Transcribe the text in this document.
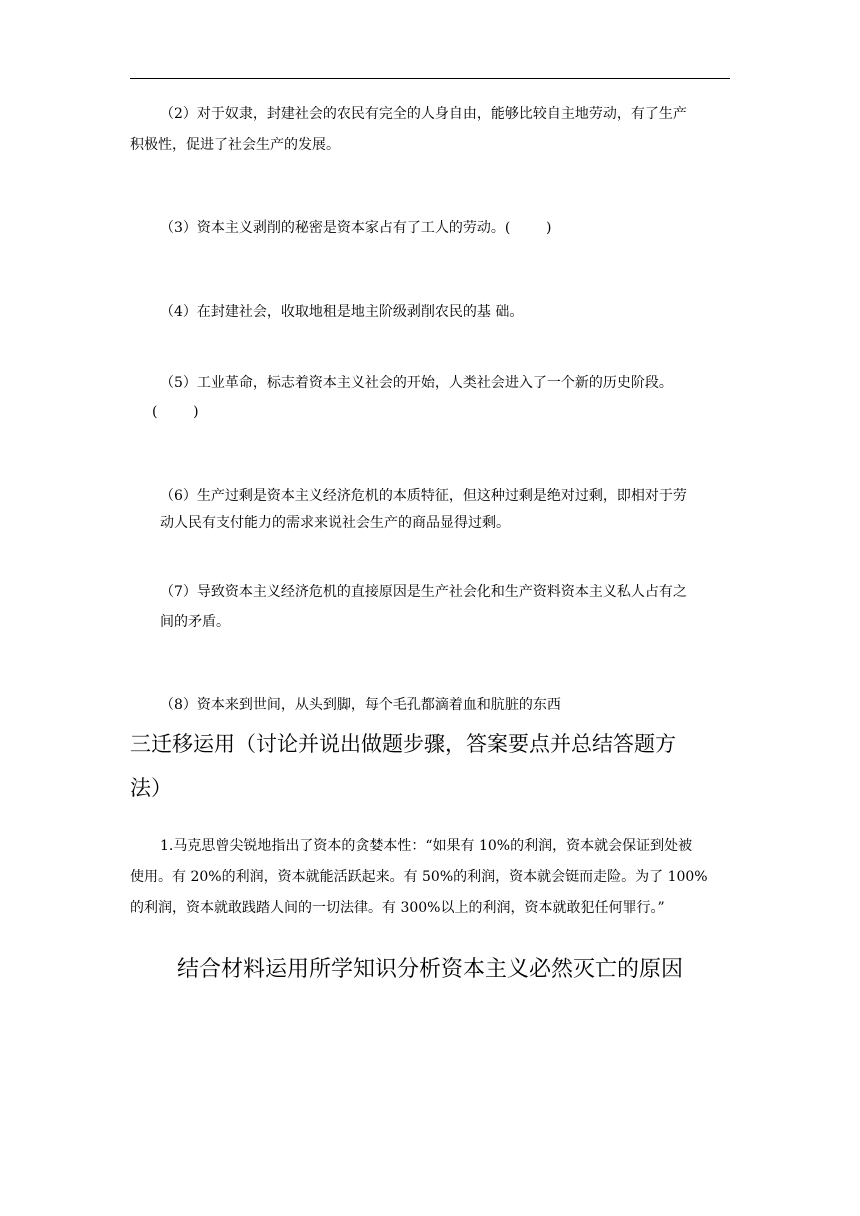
（2）对于奴隶，封建社会的农民有完全的人身自由，能够比较自主地劳动，有了生产
积极性，促进了社会生产的发展。
（3）资本主义剥削的秘密是资本家占有了工人的劳动。(        )
（4）在封建社会，收取地租是地主阶级剥削农民的基 础。
（5）工业革命，标志着资本主义社会的开始，人类社会进入了一个新的历史阶段。
(        )
（6）生产过剩是资本主义经济危机的本质特征，但这种过剩是绝对过剩，即相对于劳
动人民有支付能力的需求来说社会生产的商品显得过剩。
（7）导致资本主义经济危机的直接原因是生产社会化和生产资料资本主义私人占有之
间的矛盾。
（8）资本来到世间，从头到脚，每个毛孔都滴着血和肮脏的东西
三迁移运用（讨论并说出做题步骤，答案要点并总结答题方
法）
1.马克思曾尖锐地指出了资本的贪婪本性：“如果有 10%的利润，资本就会保证到处被
使用。有 20%的利润，资本就能活跃起来。有 50%的利润，资本就会铤而走险。为了 100%
的利润，资本就敢践踏人间的一切法律。有 300%以上的利润，资本就敢犯任何罪行。”
结合材料运用所学知识分析资本主义必然灭亡的原因
